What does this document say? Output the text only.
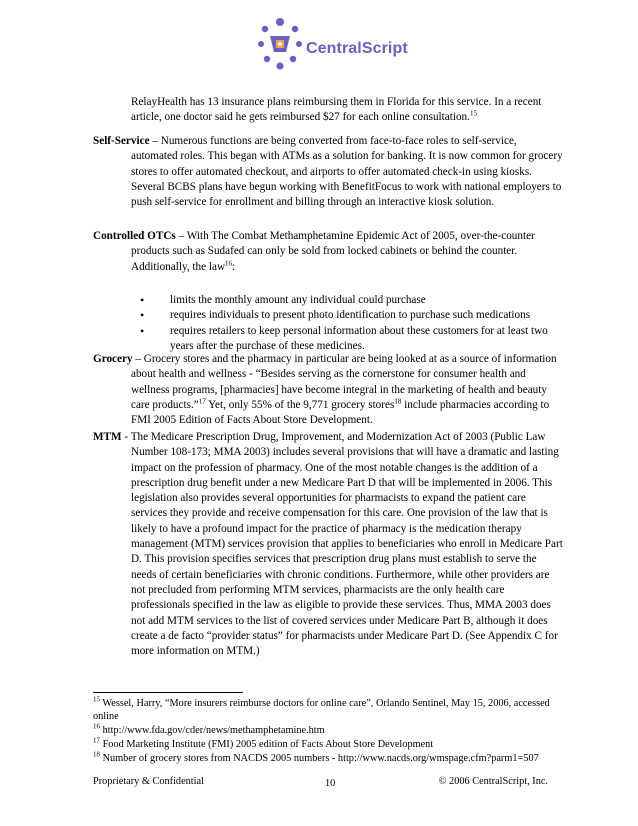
CentralScript
RelayHealth has 13 insurance plans reimbursing them in Florida for this service. In a recent article, one doctor said he gets reimbursed $27 for each online consultation.$^{15}$
Self-Service – Numerous functions are being converted from face-to-face roles to self-service, automated roles. This began with ATMs as a solution for banking. It is now common for grocery stores to offer automated checkout, and airports to offer automated check-in using kiosks. Several BCBS plans have begun working with BenefitFocus to work with national employers to push self-service for enrollment and billing through an interactive kiosk solution.
Controlled OTCs – With The Combat Methamphetamine Epidemic Act of 2005, over-the-counter products such as Sudafed can only be sold from locked cabinets or behind the counter.
Additionally, the law$^{16}$:
• limits the monthly amount any individual could purchase
• requires individuals to present photo identification to purchase such medications
• requires retailers to keep personal information about these customers for at least two years after the purchase of these medicines.
Grocery – Grocery stores and the pharmacy in particular are being looked at as a source of information about health and wellness - “Besides serving as the cornerstone for consumer health and wellness programs, [pharmacies] have become integral in the marketing of health and beauty care products.”$^{17}$ Yet, only 55% of the 9,771 grocery stores$^{18}$ include pharmacies according to FMI 2005 Edition of Facts About Store Development.
MTM - The Medicare Prescription Drug, Improvement, and Modernization Act of 2003 (Public Law Number 108-173; MMA 2003) includes several provisions that will have a dramatic and lasting impact on the profession of pharmacy. One of the most notable changes is the addition of a prescription drug benefit under a new Medicare Part D that will be implemented in 2006. This legislation also provides several opportunities for pharmacists to expand the patient care services they provide and receive compensation for this care. One provision of the law that is likely to have a profound impact for the practice of pharmacy is the medication therapy management (MTM) services provision that applies to beneficiaries who enroll in Medicare Part D. This provision specifies services that prescription drug plans must establish to serve the needs of certain beneficiaries with chronic conditions. Furthermore, while other providers are not precluded from performing MTM services, pharmacists are the only health care professionals specified in the law as eligible to provide these services. Thus, MMA 2003 does not add MTM services to the list of covered services under Medicare Part B, although it does create a de facto “provider status” for pharmacists under Medicare Part D. (See Appendix C for more information on MTM.)
$^{15}$ Wessel, Harry, “More insurers reimburse doctors for online care”, Orlando Sentinel, May 15, 2006, accessed online
$^{16}$ http://www.fda.gov/cder/news/methamphetamine.htm
$^{17}$ Food Marketing Institute (FMI) 2005 edition of Facts About Store Development
$^{18}$ Number of grocery stores from NACDS 2005 numbers - http://www.nacds.org/wmspage.cfm?parm1=507
Proprietary & Confidential	10	© 2006 CentralScript, Inc.
